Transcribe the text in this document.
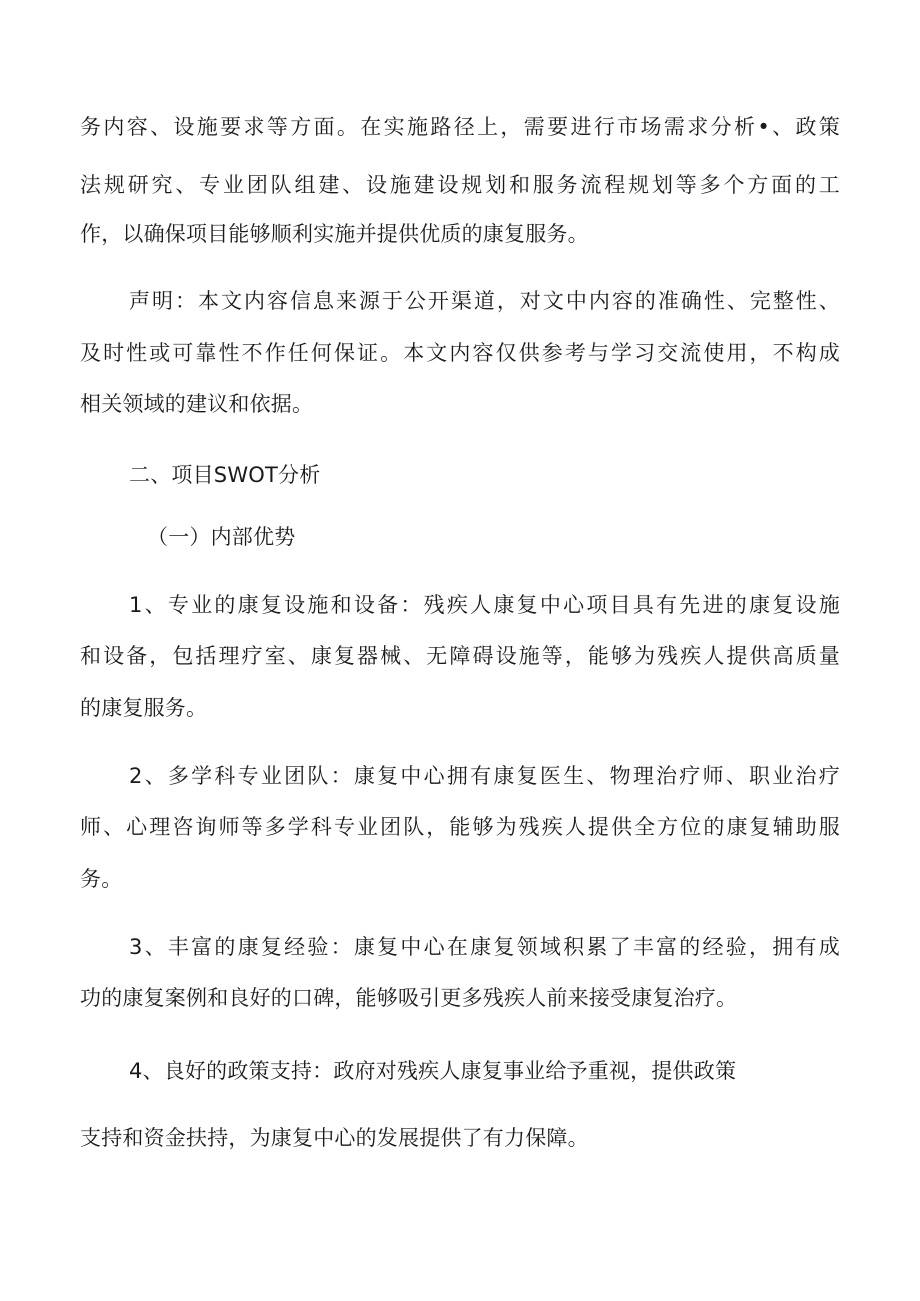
务内容、设施要求等方面。在实施路径上，需要进行市场需求分析•、政策
法规研究、专业团队组建、设施建设规划和服务流程规划等多个方面的工
作，以确保项目能够顺利实施并提供优质的康复服务。
声明：本文内容信息来源于公开渠道，对文中内容的准确性、完整性、
及时性或可靠性不作任何保证。本文内容仅供参考与学习交流使用，不构成
相关领域的建议和依据。
二、项目SWOT分析
（一）内部优势
1、专业的康复设施和设备：残疾人康复中心项目具有先进的康复设施
和设备，包括理疗室、康复器械、无障碍设施等，能够为残疾人提供高质量
的康复服务。
2、多学科专业团队：康复中心拥有康复医生、物理治疗师、职业治疗
师、心理咨询师等多学科专业团队，能够为残疾人提供全方位的康复辅助服
务。
3、丰富的康复经验：康复中心在康复领域积累了丰富的经验，拥有成
功的康复案例和良好的口碑，能够吸引更多残疾人前来接受康复治疗。
4、良好的政策支持：政府对残疾人康复事业给予重视，提供政策
支持和资金扶持，为康复中心的发展提供了有力保障。
